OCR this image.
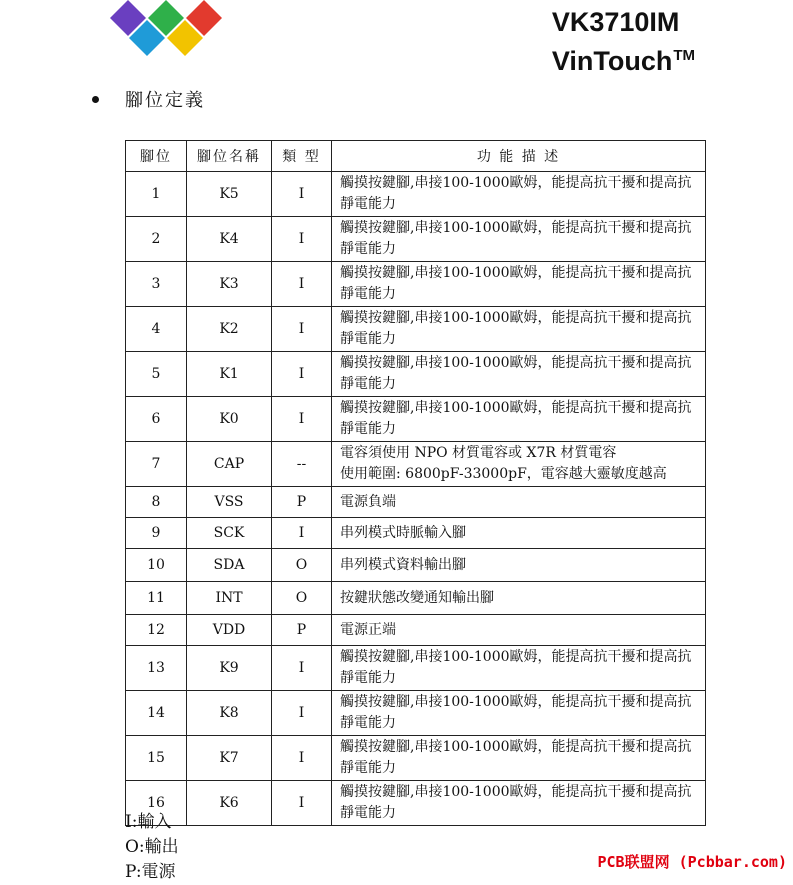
VK3710IM
VinTouch™
腳位定義
腳位	腳位名稱	類 型	功 能 描 述
1	K5	I	觸摸按鍵腳,串接100-1000歐姆，能提高抗干擾和提高抗靜電能力

2	K4	I	觸摸按鍵腳,串接100-1000歐姆，能提高抗干擾和提高抗靜電能力

3	K3	I	觸摸按鍵腳,串接100-1000歐姆，能提高抗干擾和提高抗靜電能力

4	K2	I	觸摸按鍵腳,串接100-1000歐姆，能提高抗干擾和提高抗靜電能力

5	K1	I	觸摸按鍵腳,串接100-1000歐姆，能提高抗干擾和提高抗靜電能力

6	K0	I	觸摸按鍵腳,串接100-1000歐姆，能提高抗干擾和提高抗靜電能力

7	CAP	--	電容須使用 NPO 材質電容或 X7R 材質電容
使用範圍: 6800pF-33000pF，電容越大靈敏度越高

8	VSS	P	電源負端

9	SCK	I	串列模式時脈輸入腳

10	SDA	O	串列模式資料輸出腳

11	INT	O	按鍵狀態改變通知輸出腳

12	VDD	P	電源正端

13	K9	I	觸摸按鍵腳,串接100-1000歐姆，能提高抗干擾和提高抗靜電能力

14	K8	I	觸摸按鍵腳,串接100-1000歐姆，能提高抗干擾和提高抗靜電能力

15	K7	I	觸摸按鍵腳,串接100-1000歐姆，能提高抗干擾和提高抗靜電能力

16	K6	I	觸摸按鍵腳,串接100-1000歐姆，能提高抗干擾和提高抗靜電能力
I:輸入
O:輸出
P:電源	PCB联盟网 (Pcbbar.com)
